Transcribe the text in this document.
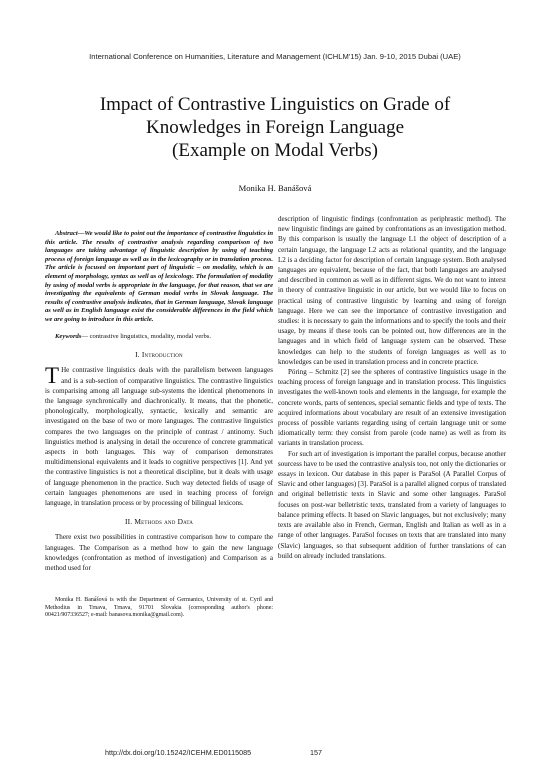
International Conference on Humanities, Literature and Management (ICHLM'15) Jan. 9-10, 2015 Dubai (UAE)
Impact of Contrastive Linguistics on Grade of
Knowledges in Foreign Language
(Example on Modal Verbs)
Monika H. Banášová
Abstract—We would like to point out the importance of contrastive linguistics in this article. The results of contrastive analysis regarding comparison of two languages are taking advantage of linguistic description by using of teaching process of foreign language as well as in the lexicography or in translation process. The article is focused on important part of linguistic – on modality, which is an element of morphology, syntax as well as of lexicology. The formulation of modality by using of modal verbs is appropriate in the language, for that reason, that we are investigating the equivalents of German modal verbs in Slovak language. The results of contrastive analysis indicates, that in German language, Slovak language as well as in English language exist the considerable differences in the field which we are going to introduce in this article.
Keywords— contrastive linguistics, modality, modal verbs.
I. Introduction

T He contrastive linguistics deals with the parallelism between languages and is a sub-section of comparative linguistics. The contrastive linguistics is comparising among all language sub-systems the identical phenomenons in the language synchronically and diachronically. It means, that the phonetic, phonologically, morphologically, syntactic, lexically and semantic are investigated on the base of two or more languages. The contrastive linguistics compares the two languages on the principle of contrast / antinomy. Such linguistics method is analysing in detail the occurence of concrete grammatical aspects in both languages. This way of comparison demonstrates multidimensional equivalents and it leads to cognitive perspectives [1]. And yet the contrastive linguistics is not a theoretical discipline, but it deals with usage of language phenomenon in the practice. Such way detected fields of usage of certain languages phenomenons are used in teaching process of foreign language, in translation process or by processing of bilingual lexicons.

II. Methods and Data

There exist two possibilities in contrastive comparison how to compare the languages. The Comparison as a method how to gain the new language knowledges (confrontation as method of investigation) and Comparison as a method used for

Monika H. Banášová is with the Department of Germanics, University of st. Cyril and Methodius in Trnava, Trnava, 91701 Slovakia (corresponding author's phone: 00421/907336527; e-mail: banasova.monika@gmail.com).

description of linguistic findings (confrontation as periphrastic method). The new linguistic findings are gained by confrontations as an investigation method. By this comparison is usually the language L1 the object of description of a certain language, the language L2 acts as relational quantity, and the language L2 is a deciding factor for description of certain language system. Both analysed languages are equivalent, because of the fact, that both languages are analysed and described in common as well as in different signs. We do not want to interst in theory of contrastive linguistic in our article, but we would like to focus on practical using of contrastive linguistic by learning and using of foreign language. Here we can see the importance of contrastive investigation and studies: it is necessary to gain the informations and to specify the tools and their usage, by means if these tools can be pointed out, how differences are in the languages and in which field of language system can be observed. These knowledges can help to the students of foreign languages as well as to knowledges can be used in translation process and in concrete practice.

Pöring – Schmitz [2] see the spheres of contrastive linguistics usage in the teaching process of foreign language and in translation process. This linguistics investigates the well-known tools and elements in the language, for example the concrete words, parts of sentences, special semantic fields and type of texts. The acquired informations about vocabulary are result of an extensive investigation process of possible variants regarding using of certain language unit or some idiomatically term: they consist from parole (code name) as well as from its variants in translation process.

For such art of investigation is important the parallel corpus, because another sourcess have to be used the contrastive analysis too, not only the dictionaries or essays in lexicon. Our database in this paper is ParaSol (A Parallel Corpus of Slavic and other languages) [3]. ParaSol is a parallel aligned corpus of translated and original belletristic texts in Slavic and some other languages. ParaSol focuses on post-war belletristic texts, translated from a variety of languages to balance priming effects. It based on Slavic languages, but not exclusively; many texts are available also in French, German, English and Italian as well as in a range of other languages. ParaSol focuses on texts that are translated into many (Slavic) languages, so that subsequent addition of further translations of can build on already included translations.

http://dx.doi.org/10.15242/ICEHM.ED0115085	157
